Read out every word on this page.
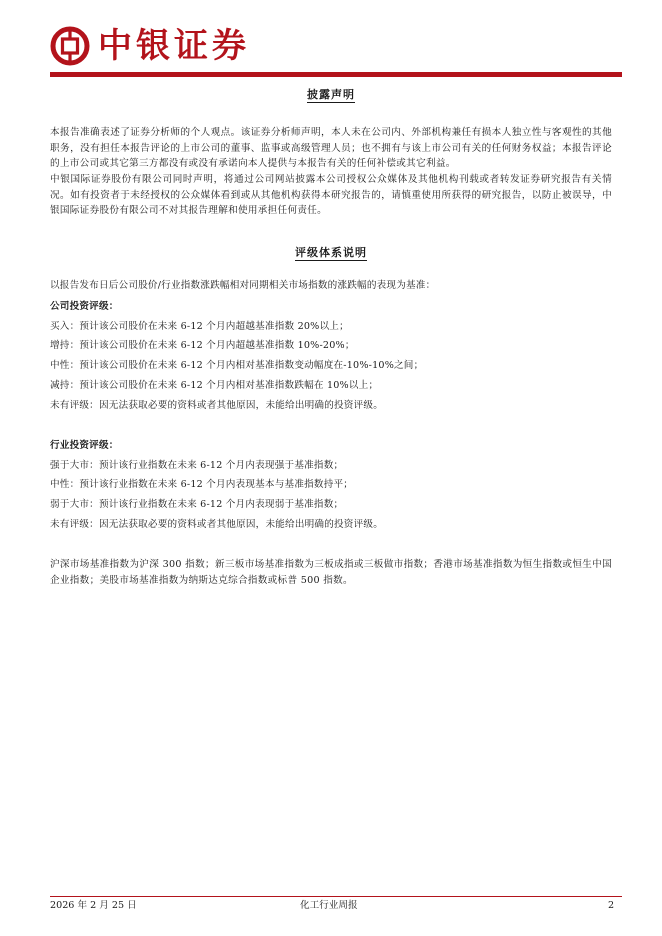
中银证券
披露声明
本报告准确表述了证券分析师的个人观点。该证券分析师声明，本人未在公司内、外部机构兼任有损本人独立性与客观性的其他职务，没有担任本报告评论的上市公司的董事、监事或高级管理人员；也不拥有与该上市公司有关的任何财务权益；本报告评论的上市公司或其它第三方都没有或没有承诺向本人提供与本报告有关的任何补偿或其它利益。
中银国际证券股份有限公司同时声明，将通过公司网站披露本公司授权公众媒体及其他机构刊载或者转发证券研究报告有关情况。如有投资者于未经授权的公众媒体看到或从其他机构获得本研究报告的，请慎重使用所获得的研究报告，以防止被误导，中银国际证券股份有限公司不对其报告理解和使用承担任何责任。
评级体系说明
以报告发布日后公司股价/行业指数涨跌幅相对同期相关市场指数的涨跌幅的表现为基准：
公司投资评级：
买入：预计该公司股价在未来 6-12 个月内超越基准指数 20%以上；
增持：预计该公司股价在未来 6-12 个月内超越基准指数 10%-20%；
中性：预计该公司股价在未来 6-12 个月内相对基准指数变动幅度在-10%-10%之间；
减持：预计该公司股价在未来 6-12 个月内相对基准指数跌幅在 10%以上；
未有评级：因无法获取必要的资料或者其他原因，未能给出明确的投资评级。
行业投资评级：
强于大市：预计该行业指数在未来 6-12 个月内表现强于基准指数；
中性：预计该行业指数在未来 6-12 个月内表现基本与基准指数持平；
弱于大市：预计该行业指数在未来 6-12 个月内表现弱于基准指数；
未有评级：因无法获取必要的资料或者其他原因，未能给出明确的投资评级。
沪深市场基准指数为沪深 300 指数；新三板市场基准指数为三板成指或三板做市指数；香港市场基准指数为恒生指数或恒生中国企业指数；美股市场基准指数为纳斯达克综合指数或标普 500 指数。
2026 年 2 月 25 日	化工行业周报	2
